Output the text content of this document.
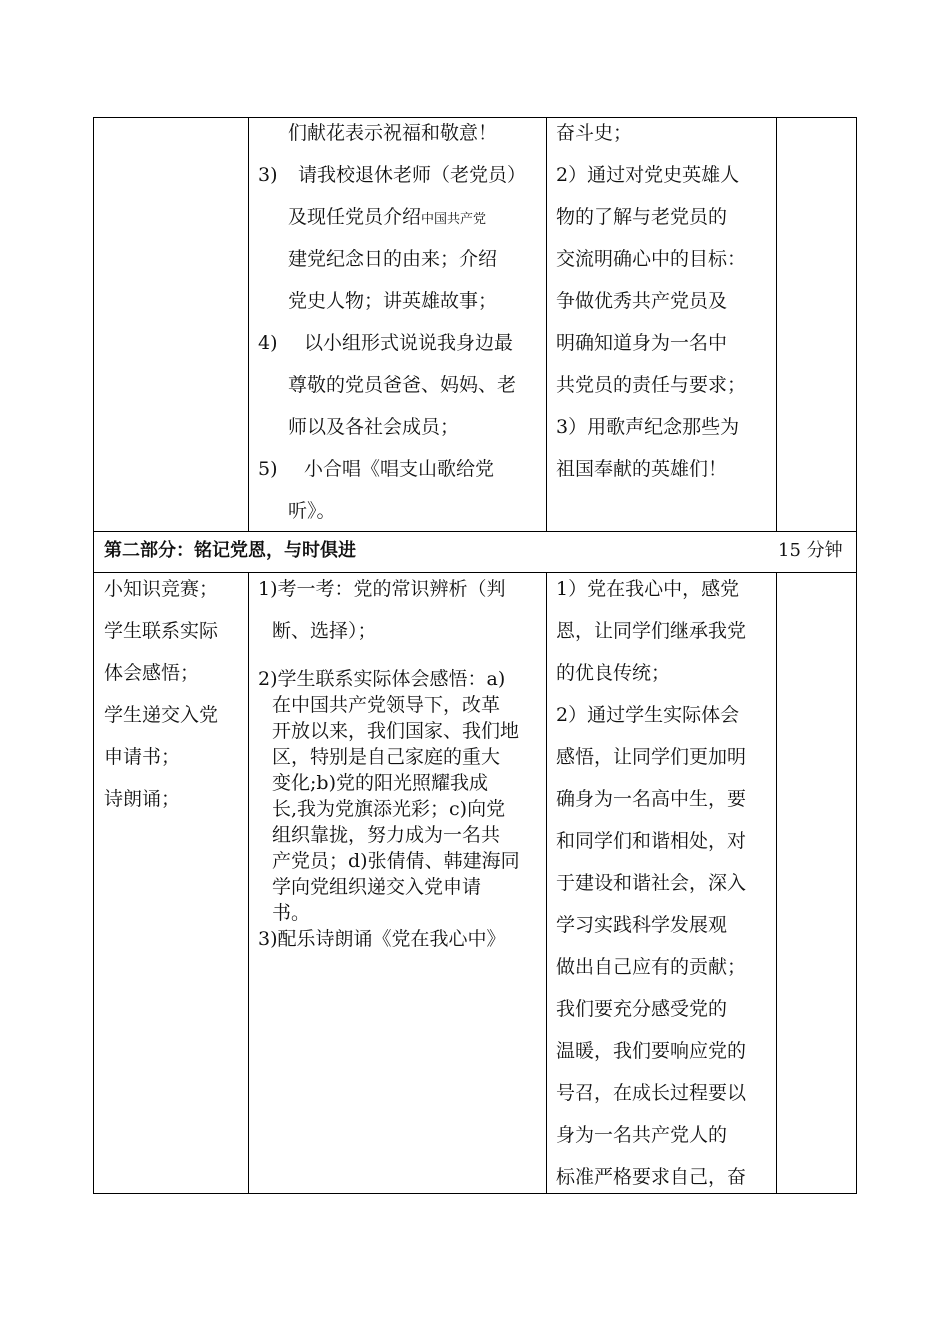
们献花表示祝福和敬意！
3) 请我校退休老师（老党员）
及现任党员介绍中国共产党
建党纪念日的由来；介绍
党史人物；讲英雄故事；
4) 以小组形式说说我身边最
尊敬的党员爸爸、妈妈、老
师以及各社会成员；
5) 小合唱《唱支山歌给党
听》。
奋斗史；
2）通过对党史英雄人
物的了解与老党员的
交流明确心中的目标：
争做优秀共产党员及
明确知道身为一名中
共党员的责任与要求；
3）用歌声纪念那些为
祖国奉献的英雄们！
第二部分：铭记党恩，与时俱进	15 分钟
小知识竞赛；
学生联系实际
体会感悟；
学生递交入党
申请书；
诗朗诵；
1)考一考：党的常识辨析（判
断、选择）；
2)学生联系实际体会感悟：a)
在中国共产党领导下，改革
开放以来，我们国家、我们地
区，特别是自己家庭的重大
变化;b)党的阳光照耀我成
长,我为党旗添光彩；c)向党
组织靠拢，努力成为一名共
产党员；d)张倩倩、韩建海同
学向党组织递交入党申请
书。
3)配乐诗朗诵《党在我心中》
1）党在我心中，感党
恩，让同学们继承我党
的优良传统；
2）通过学生实际体会
感悟，让同学们更加明
确身为一名高中生，要
和同学们和谐相处，对
于建设和谐社会，深入
学习实践科学发展观
做出自己应有的贡献；
我们要充分感受党的
温暖，我们要响应党的
号召，在成长过程要以
身为一名共产党人的
标准严格要求自己，奋
